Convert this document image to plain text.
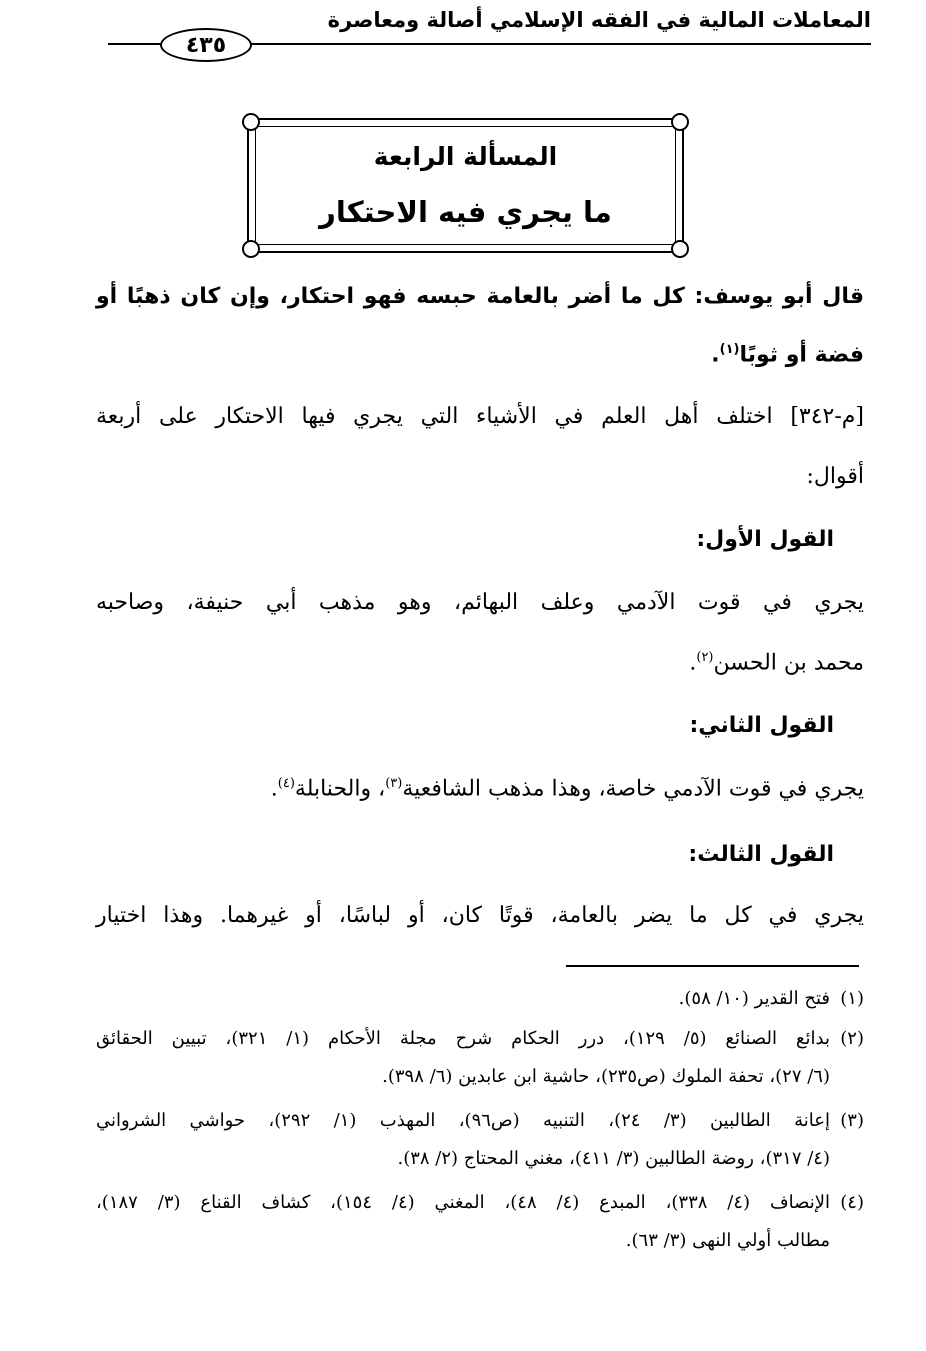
المعاملات المالية في الفقه الإسلامي أصالة ومعاصرة
٤٣٥
المسألة الرابعة
ما يجري فيه الاحتكار
قال أبو يوسف: كل ما أضر بالعامة حبسه فهو احتكار، وإن كان ذهبًا أو
فضة أو ثوبًا$^{(١)}$.
[م-٣٤٢] اختلف أهل العلم في الأشياء التي يجري فيها الاحتكار على أربعة
أقوال:
القول الأول:
يجري في قوت الآدمي وعلف البهائم، وهو مذهب أبي حنيفة، وصاحبه
محمد بن الحسن$^{(٢)}$.
القول الثاني:
يجري في قوت الآدمي خاصة، وهذا مذهب الشافعية$^{(٣)}$، والحنابلة$^{(٤)}$.
القول الثالث:
يجري في كل ما يضر بالعامة، قوتًا كان، أو لباسًا، أو غيرهما. وهذا اختيار
(١)
فتح القدير (١٠/ ٥٨).
(٢)
بدائع الصنائع (٥/ ١٢٩)، درر الحكام شرح مجلة الأحكام (١/ ٣٢١)، تبيين الحقائق
(٦/ ٢٧)، تحفة الملوك (ص٢٣٥)، حاشية ابن عابدين (٦/ ٣٩٨).
(٣)
إعانة الطالبين (٣/ ٢٤)، التنبيه (ص٩٦)، المهذب (١/ ٢٩٢)، حواشي الشرواني
(٤/ ٣١٧)، روضة الطالبين (٣/ ٤١١)، مغني المحتاج (٢/ ٣٨).
(٤)
الإنصاف (٤/ ٣٣٨)، المبدع (٤/ ٤٨)، المغني (٤/ ١٥٤)، كشاف القناع (٣/ ١٨٧)،
مطالب أولي النهى (٣/ ٦٣).
